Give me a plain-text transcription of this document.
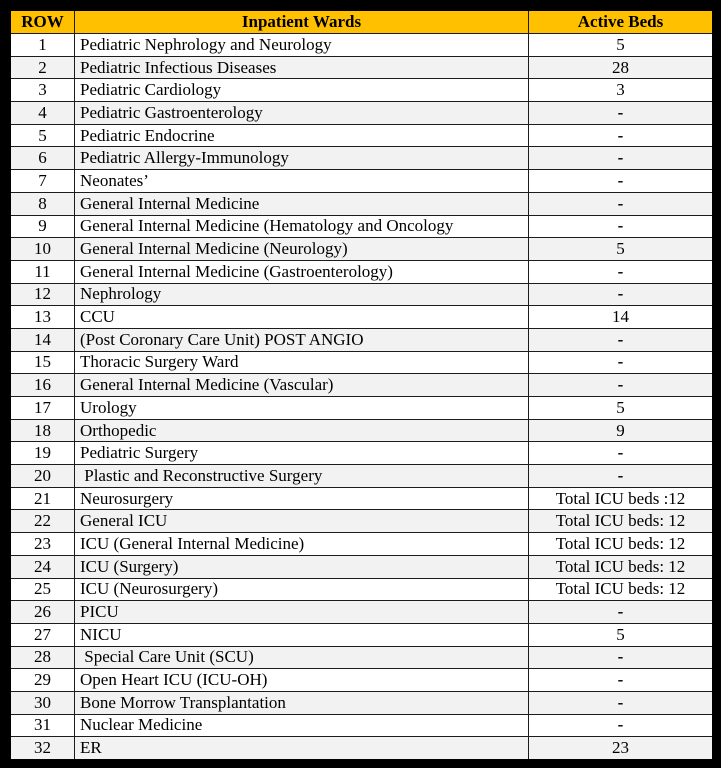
ROW	Inpatient Wards	Active Beds
1	Pediatric Nephrology and Neurology	5
2	Pediatric Infectious Diseases	28
3	Pediatric Cardiology	3
4	Pediatric Gastroenterology	-
5	Pediatric Endocrine	-
6	Pediatric Allergy-Immunology	-
7	Neonates’	-
8	General Internal Medicine	-
9	General Internal Medicine (Hematology and Oncology	-
10	General Internal Medicine (Neurology)	5
11	General Internal Medicine (Gastroenterology)	-
12	Nephrology	-
13	CCU	14
14	(Post Coronary Care Unit) POST ANGIO	-
15	Thoracic Surgery Ward	-
16	General Internal Medicine (Vascular)	-
17	Urology	5
18	Orthopedic	9
19	Pediatric Surgery	-
20	Plastic and Reconstructive Surgery	-
21	Neurosurgery	Total ICU beds :12
22	General ICU	Total ICU beds: 12
23	ICU (General Internal Medicine)	Total ICU beds: 12
24	ICU (Surgery)	Total ICU beds: 12
25	ICU (Neurosurgery)	Total ICU beds: 12
26	PICU	-
27	NICU	5
28	Special Care Unit (SCU)	-
29	Open Heart ICU (ICU-OH)	-
30	Bone Morrow Transplantation	-
31	Nuclear Medicine	-
32	ER	23
